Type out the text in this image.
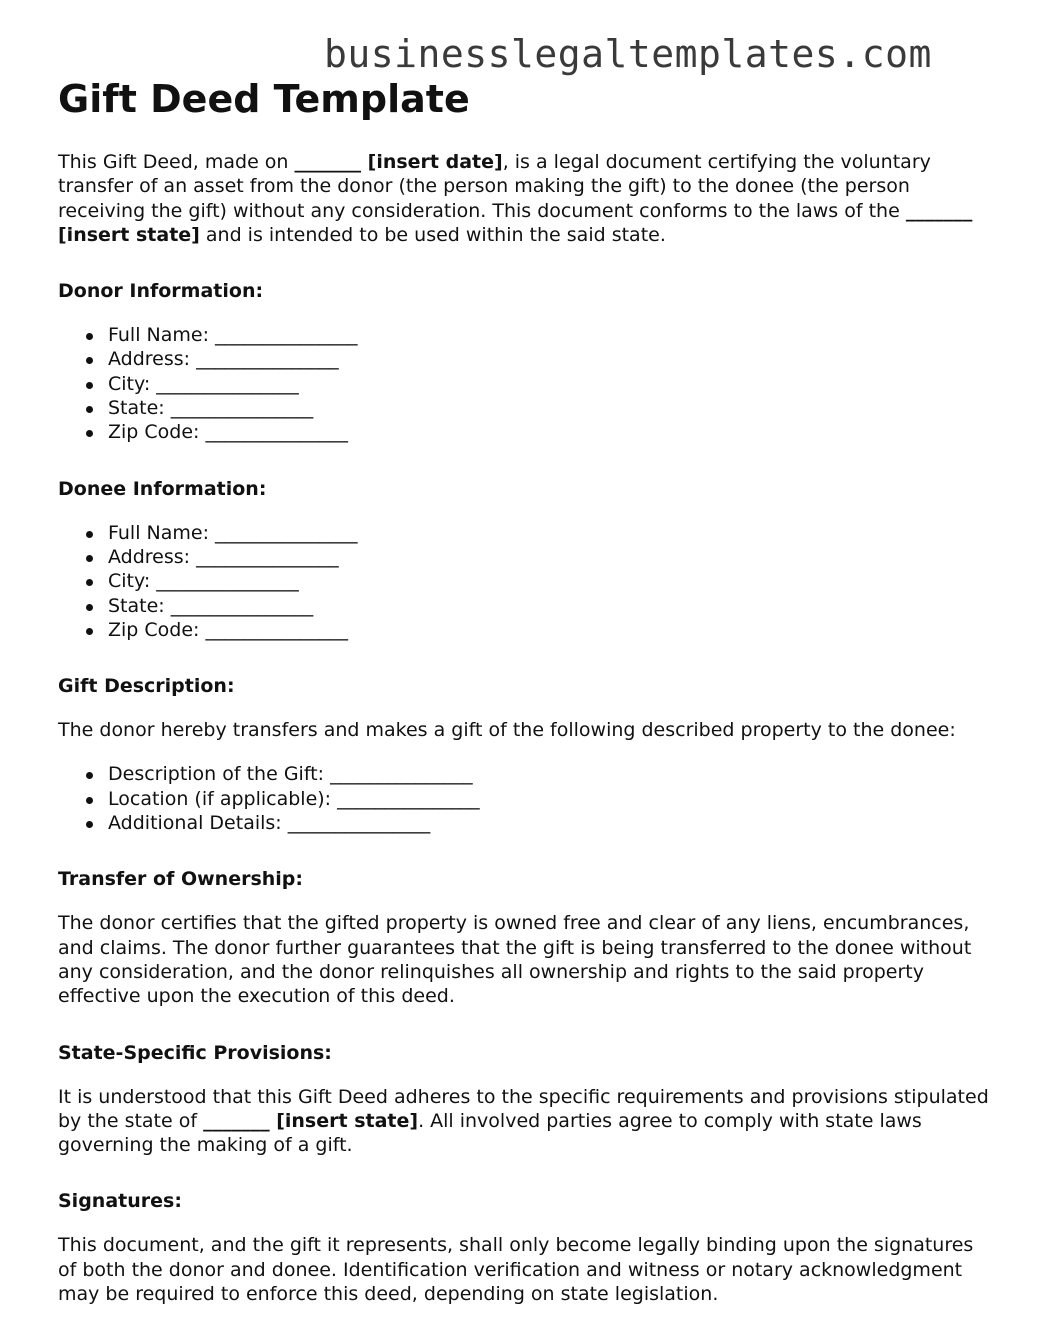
businesslegaltemplates.com
Gift Deed Template

This Gift Deed, made on _______ [insert date], is a legal document certifying the voluntary transfer of an asset from the donor (the person making the gift) to the donee (the person receiving the gift) without any consideration. This document conforms to the laws of the _______ [insert state] and is intended to be used within the said state.

Donor Information:
Full Name: _______________
Address: _______________
City: _______________
State: _______________
Zip Code: _______________
Donee Information:
Full Name: _______________
Address: _______________
City: _______________
State: _______________
Zip Code: _______________
Gift Description:

The donor hereby transfers and makes a gift of the following described property to the donee:

Description of the Gift: _______________
Location (if applicable): _______________
Additional Details: _______________
Transfer of Ownership:

The donor certifies that the gifted property is owned free and clear of any liens, encumbrances, and claims. The donor further guarantees that the gift is being transferred to the donee without any consideration, and the donor relinquishes all ownership and rights to the said property effective upon the execution of this deed.

State-Specific Provisions:

It is understood that this Gift Deed adheres to the specific requirements and provisions stipulated by the state of _______ [insert state]. All involved parties agree to comply with state laws governing the making of a gift.

Signatures:

This document, and the gift it represents, shall only become legally binding upon the signatures of both the donor and donee. Identification verification and witness or notary acknowledgment may be required to enforce this deed, depending on state legislation.
